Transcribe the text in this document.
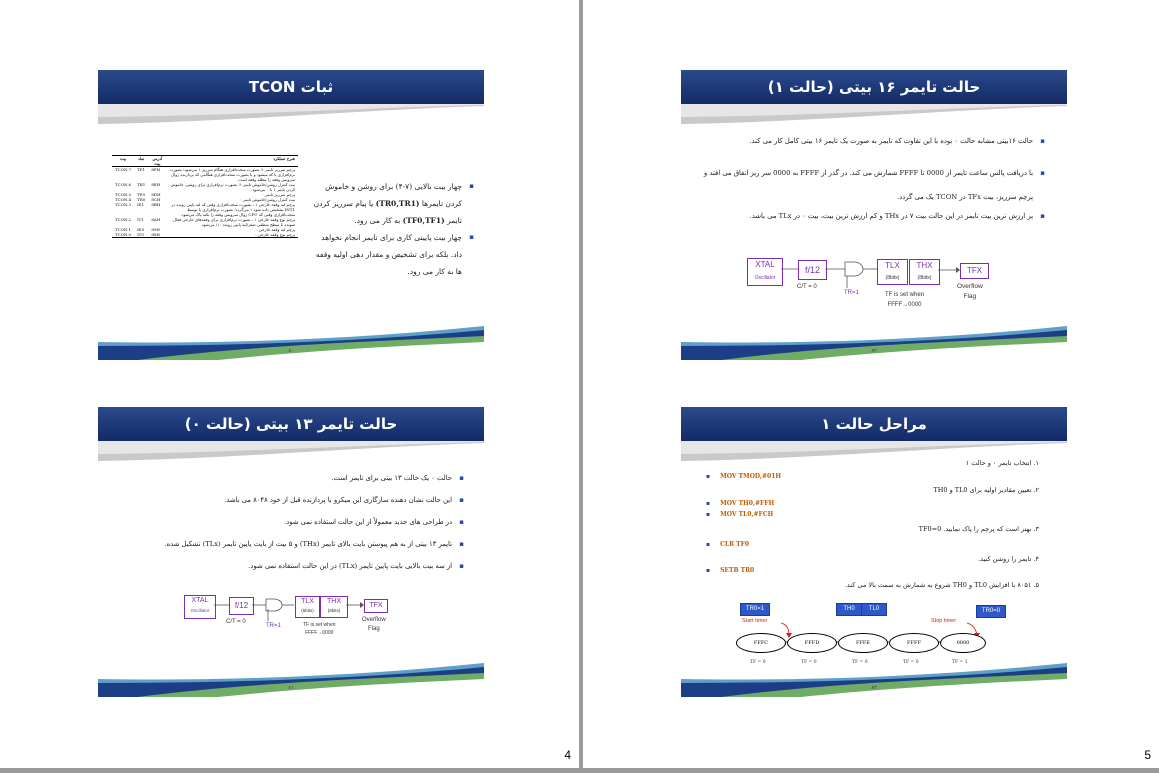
4
ثبات TCON
بیت	نماد	آدرس بیت	شرح عملکرد
TCON.7	TF1	8FH	پرچم سرریز تایمر ۱؛ بصورت سخت‌افزاری هنگام سرریز ۱ می‌شود؛ بصورت نرم‌افزاری یا که میشود و یا بصورت سخت‌افزاری هنگامی که پردازنده روال سرویس وقفه را تنظله وقفه است.
TCON.6	TR1	8EH	بیت کنترل روشن/خاموش تایمر ۱؛ بصورت نرم‌افزاری برای روشن، خاموش کردن تایمر ۱ با ۰ می‌شود.
TCON.5	TF0	8DH	پرچم سرریز تایمر ۰
TCON.4	TR0	8CH	بیت کنترل روشن/خاموش تایمر ۰
TCON.3	IE1	8BH	پرچم لبه وقفه خارجی ۱ ، بصورت سخت‌افزاری وقتی که لبه پایین رونده در INT1 تشخیص داده شود ۱ می‌گردد؛ بصورت نرم‌افزاری یا توسط سخت‌افزاری وقتی که CPU روال سرویس وقفه را بکند پاک می‌شود.
TCON.2	IT1	8AH	پرچم نوع وقفه خارجی ۱ ، بصورت نرم‌افزاری برای وقفه‌های خارجی فعال شونده با سطح منطقی صفر/لبه پایین رونده ۱/۰ می‌شود.
TCON.1	IE0	89H	پرچم لبه وقفه خارجی ۰
TCON.0	IT0	88H	پرچم نوع وقفه خارجی ۰
▪ چهار بیت بالایی (۷-۴) برای روشن و خاموش کردن تایمرها (TR0,TR1) یا پیام سرریز کردن تایمر (TF0,TF1) به کار می رود.
▪ چهار بیت پایینی کاری برای تایمر انجام نخواهد داد. بلکه برای تشخیص و مقدار دهی اولیه وقفه ها به کار می رود.
۸۰
حالت تایمر ۱۳ بیتی (حالت ۰)
▪ حالت ۰ یک حالت ۱۳ بیتی برای تایمر است.
▪ این حالت نشان دهنده سازگاری این میکرو با پردازنده قبل از خود ۸۰۴۸ می باشد.
▪ در طراحی های جدید معمولاً از این حالت استفاده نمی شود.
▪ تایمر ۱۳ بیتی از به هم پیوستن بایت بالای تایمر (THx) و ۵ بیت از بایت پایین تایمر (TLx) تشکیل شده.
▪ از سه بیت بالایی بایت پایین تایمر (TLx) در این حالت استفاده نمی شود.
XTAL
Oscillator
f/12
C/T = 0
TR=1
TLX
(5bits)
THX
(8bits)
TFX
TF is set when
FFFF→0000
Overflow
Flag
۸۱
5
حالت تایمر ۱۶ بیتی (حالت ۱)
▪ حالت ۱۶بیتی مشابه حالت ۰ بوده با این تفاوت که تایمر به صورت یک تایمر ۱۶ بیتی کامل کار می کند.
▪ با دریافت پالس ساعت تایمر از 0000 تا FFFF شمارش می کند. در گذر از FFFF به 0000 سر ریز اتفاق می افتد و پرچم سرریز، بیت TFx در TCON یک می گردد.
▪ پر ارزش ترین بیت تایمر در این حالت بیت ۷ در THx و کم ارزش ترین بیت، بیت ۰ در TLx می باشد.
XTAL
Oscillator
f/12
C/T = 0
TR=1
TLX
(8bits)
THX
(8bits)
TFX
TF is set when
FFFF→0000
Overflow
Flag
۸۲
مراحل حالت ۱
۱. انتخاب تایمر ۰ و حالت ۱
▪ MOV TMOD,#01H
۲. تعیین مقادیر اولیه برای TL0 و TH0
▪ MOV TH0,#FFH
▪ MOV TL0,#FCH
۳. بهتر است که پرچم را پاک نمایید. TF0=0
▪ CLR TF0
۴. تایمر را روشن کنید.
▪ SETB TR0
۵. ۸۰۵۱ با افزایش TL0 و TH0 شروع به شمارش به سمت بالا می کند.
TR0=1	TH0	TL0	TR0=0
Start timer	Stop timer
FFFC	FFFD	FFFE	FFFF	0000
TF = 0	TF = 0	TF = 0	TF = 0	TF = 1
۸۳
